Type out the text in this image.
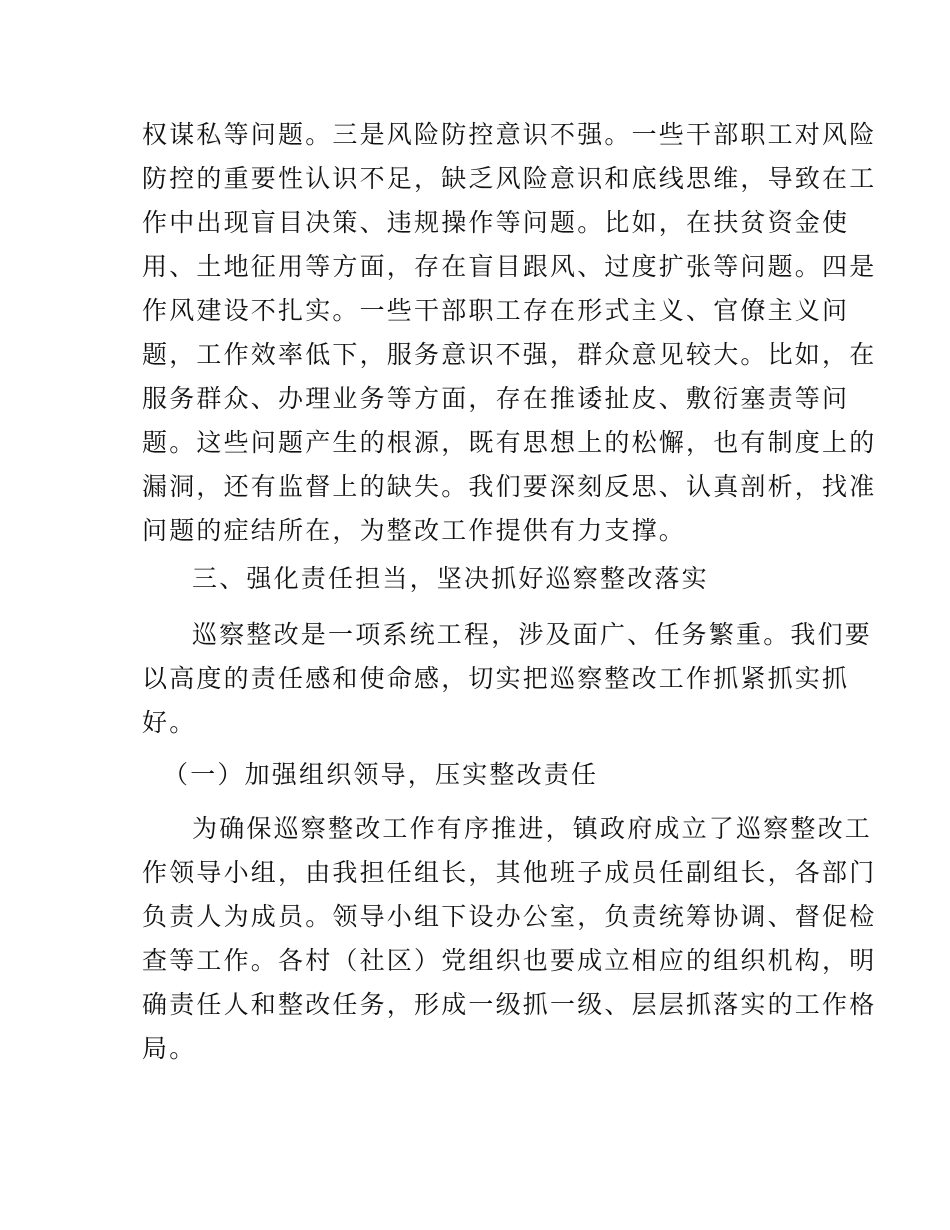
权谋私等问题。三是风险防控意识不强。一些干部职工对风险
防控的重要性认识不足，缺乏风险意识和底线思维，导致在工
作中出现盲目决策、违规操作等问题。比如，在扶贫资金使
用、土地征用等方面，存在盲目跟风、过度扩张等问题。四是
作风建设不扎实。一些干部职工存在形式主义、官僚主义问
题，工作效率低下，服务意识不强，群众意见较大。比如，在
服务群众、办理业务等方面，存在推诿扯皮、敷衍塞责等问
题。这些问题产生的根源，既有思想上的松懈，也有制度上的
漏洞，还有监督上的缺失。我们要深刻反思、认真剖析，找准
问题的症结所在，为整改工作提供有力支撑。
三、强化责任担当，坚决抓好巡察整改落实
巡察整改是一项系统工程，涉及面广、任务繁重。我们要
以高度的责任感和使命感，切实把巡察整改工作抓紧抓实抓
好。
（一）加强组织领导，压实整改责任
为确保巡察整改工作有序推进，镇政府成立了巡察整改工
作领导小组，由我担任组长，其他班子成员任副组长，各部门
负责人为成员。领导小组下设办公室，负责统筹协调、督促检
查等工作。各村（社区）党组织也要成立相应的组织机构，明
确责任人和整改任务，形成一级抓一级、层层抓落实的工作格
局。
